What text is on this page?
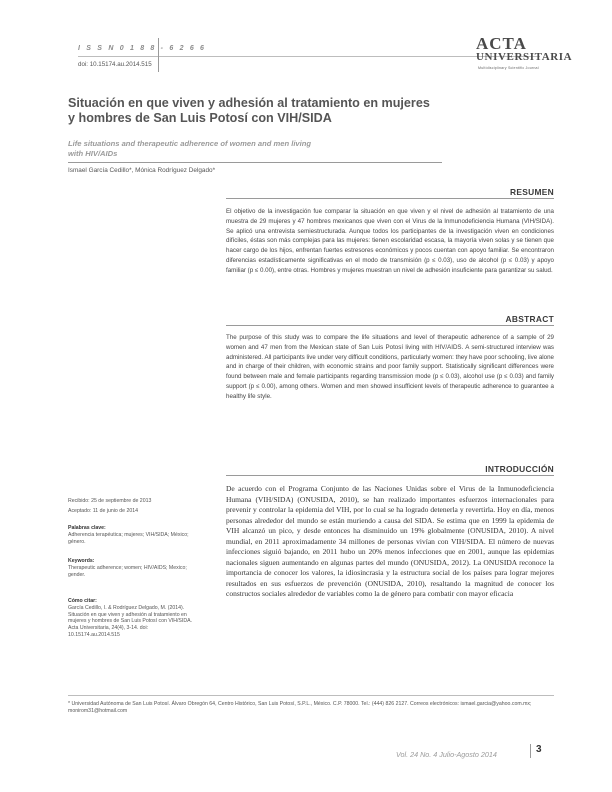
I S S N 0 1 8 8 - 6 2 6 6
doi: 10.15174.au.2014.515
ACTA
UNIVERSITARIA
Multidisciplinary Scientific Journal
Situación en que viven y adhesión al tratamiento en mujeres
y hombres de San Luis Potosí con VIH/SIDA
Life situations and therapeutic adherence of women and men living
with HIV/AIDs
Ismael García Cedillo*, Mónica Rodríguez Delgado*
RESUMEN
El objetivo de la investigación fue comparar la situación en que viven y el nivel de adhesión al tratamiento de una muestra de 29 mujeres y 47 hombres mexicanos que viven con el Virus de la Inmunodeficiencia Humana (VIH/SIDA). Se aplicó una entrevista semiestructurada. Aunque todos los participantes de la investigación viven en condiciones difíciles, éstas son más complejas para las mujeres: tienen escolaridad escasa, la mayoría viven solas y se tienen que hacer cargo de los hijos, enfrentan fuertes estresores económicos y pocos cuentan con apoyo familiar. Se encontraron diferencias estadísticamente significativas en el modo de transmisión (p ≤ 0.03), uso de alcohol (p ≤ 0.03) y apoyo familiar (p ≤ 0.00), entre otras. Hombres y mujeres muestran un nivel de adhesión insuficiente para garantizar su salud.
ABSTRACT
The purpose of this study was to compare the life situations and level of therapeutic adherence of a sample of 29 women and 47 men from the Mexican state of San Luis Potosí living with HIV/AIDS. A semi-structured interview was administered. All participants live under very difficult conditions, particularly women: they have poor schooling, live alone and in charge of their children, with economic strains and poor family support. Statistically significant differences were found between male and female participants regarding transmission mode (p ≤ 0.03), alcohol use (p ≤ 0.03) and family support (p ≤ 0.00), among others. Women and men showed insufficient levels of therapeutic adherence to guarantee a healthy life style.
INTRODUCCIÓN

De acuerdo con el Programa Conjunto de las Naciones Unidas sobre el Virus de la Inmunodeficiencia Humana (VIH/SIDA) (ONUSIDA, 2010), se han realizado importantes esfuerzos internacionales para prevenir y controlar la epidemia del VIH, por lo cual se ha logrado detenerla y revertirla. Hoy en día, menos personas alrededor del mundo se están muriendo a causa del SIDA. Se estima que en 1999 la epidemia de VIH alcanzó un pico, y desde entonces ha disminuido un 19% globalmente (ONUSIDA, 2010). A nivel mundial, en 2011 aproximadamente 34 millones de personas vivían con VIH/SIDA. El número de nuevas infecciones siguió bajando, en 2011 hubo un 20% menos infecciones que en 2001, aunque las epidemias nacionales siguen aumentando en algunas partes del mundo (ONUSIDA, 2012). La ONUSIDA reconoce la importancia de conocer los valores, la idiosincrasia y la estructura social de los países para lograr mejores resultados en sus esfuerzos de prevención (ONUSIDA, 2010), resaltando la magnitud de conocer los constructos sociales alrededor de variables como la de género para combatir con mayor eficacia

Recibido: 25 de septiembre de 2013
Aceptado: 11 de junio de 2014
Palabras clave:
Adherencia terapéutica; mujeres; VIH/SIDA; México; género.
Keywords:
Therapeutic adherence; women; HIV/AIDS; Mexico; gender.
Cómo citar:
García Cedillo, I. & Rodríguez Delgado, M. (2014). Situación en que viven y adhesión al tratamiento en mujeres y hombres de San Luis Potosí con VIH/SIDA. Acta Universitaria, 24(4), 3-14. doi: 10.15174.au.2014.515
* Universidad Autónoma de San Luis Potosí. Álvaro Obregón 64, Centro Histórico, San Luis Potosí, S.P.L., México. C.P. 78000. Tel.: (444) 826 2127. Correos electrónicos: ismael.garcia@yahoo.com.mx; monirom31@hotmail.com
Vol. 24 No. 4 Julio-Agosto 2014	3
